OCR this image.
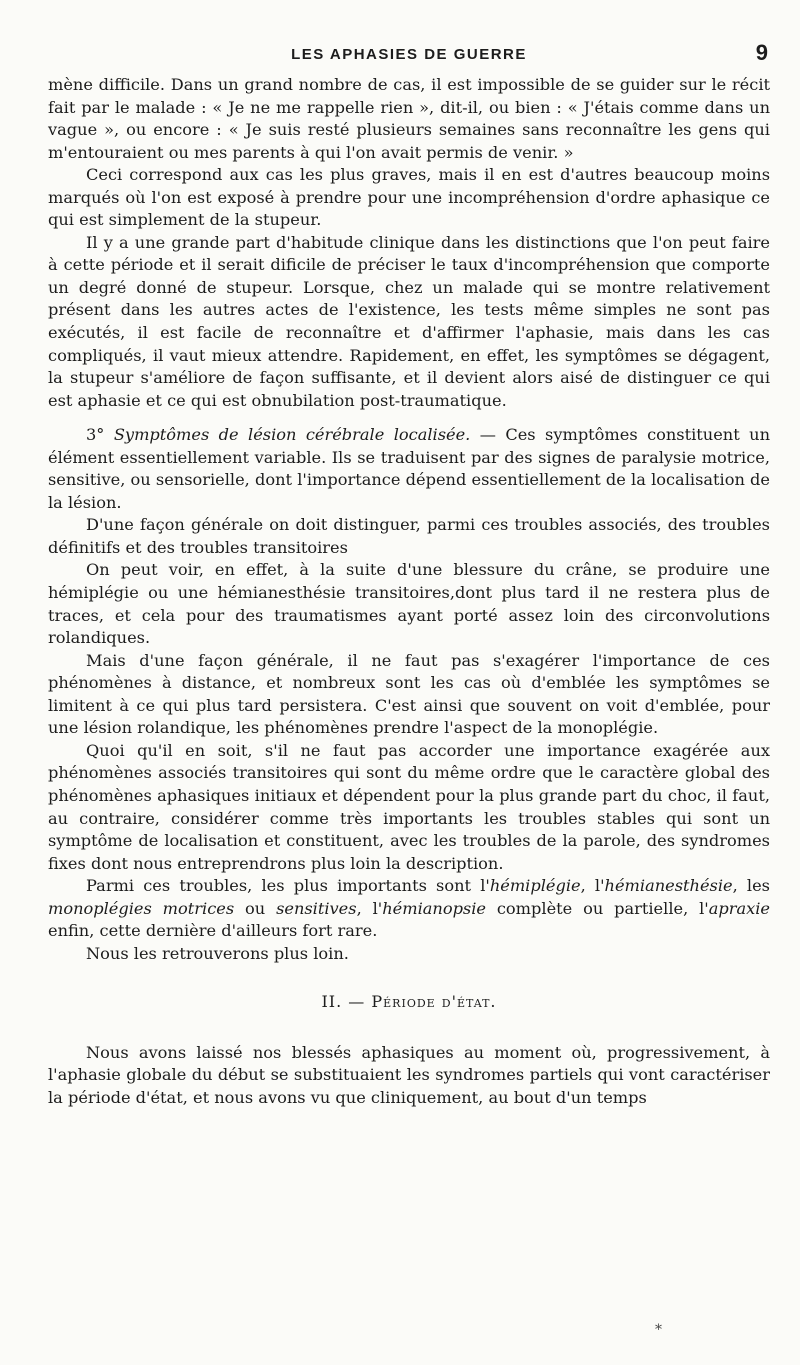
LES APHASIES DE GUERRE	9

mène difficile. Dans un grand nombre de cas, il est impossible de se guider sur le récit fait par le malade : « Je ne me rappelle rien », dit-il, ou bien : « J'étais comme dans un vague », ou encore : « Je suis resté plusieurs semaines sans reconnaître les gens qui m'entouraient ou mes parents à qui l'on avait permis de venir. »

Ceci correspond aux cas les plus graves, mais il en est d'autres beaucoup moins marqués où l'on est exposé à prendre pour une incompréhension d'ordre aphasique ce qui est simplement de la stupeur.

Il y a une grande part d'habitude clinique dans les distinctions que l'on peut faire à cette période et il serait dificile de préciser le taux d'incompréhension que comporte un degré donné de stupeur. Lorsque, chez un malade qui se montre relativement présent dans les autres actes de l'existence, les tests même simples ne sont pas exécutés, il est facile de reconnaître et d'affirmer l'aphasie, mais dans les cas compliqués, il vaut mieux attendre. Rapidement, en effet, les symptômes se dégagent, la stupeur s'améliore de façon suffisante, et il devient alors aisé de distinguer ce qui est aphasie et ce qui est obnubilation post-traumatique.

3° Symptômes de lésion cérébrale localisée. — Ces symptômes constituent un élément essentiellement variable. Ils se traduisent par des signes de paralysie motrice, sensitive, ou sensorielle, dont l'importance dépend essentiellement de la localisation de la lésion.

D'une façon générale on doit distinguer, parmi ces troubles associés, des troubles définitifs et des troubles transitoires

On peut voir, en effet, à la suite d'une blessure du crâne, se produire une hémiplégie ou une hémianesthésie transitoires,dont plus tard il ne restera plus de traces, et cela pour des traumatismes ayant porté assez loin des circonvolutions rolandiques.

Mais d'une façon générale, il ne faut pas s'exagérer l'importance de ces phénomènes à distance, et nombreux sont les cas où d'emblée les symptômes se limitent à ce qui plus tard persistera. C'est ainsi que souvent on voit d'emblée, pour une lésion rolandique, les phénomènes prendre l'aspect de la monoplégie.

Quoi qu'il en soit, s'il ne faut pas accorder une importance exagérée aux phénomènes associés transitoires qui sont du même ordre que le caractère global des phénomènes aphasiques initiaux et dépendent pour la plus grande part du choc, il faut, au contraire, considérer comme très importants les troubles stables qui sont un symptôme de localisation et constituent, avec les troubles de la parole, des syndromes fixes dont nous entreprendrons plus loin la description.

Parmi ces troubles, les plus importants sont l'hémiplégie, l'hémianesthésie, les monoplégies motrices ou sensitives, l'hémianopsie complète ou partielle, l'apraxie enfin, cette dernière d'ailleurs fort rare.

Nous les retrouverons plus loin.

II. — Période d'état.

Nous avons laissé nos blessés aphasiques au moment où, progressivement, à l'aphasie globale du début se substituaient les syndromes partiels qui vont caractériser la période d'état, et nous avons vu que cliniquement, au bout d'un temps

*
